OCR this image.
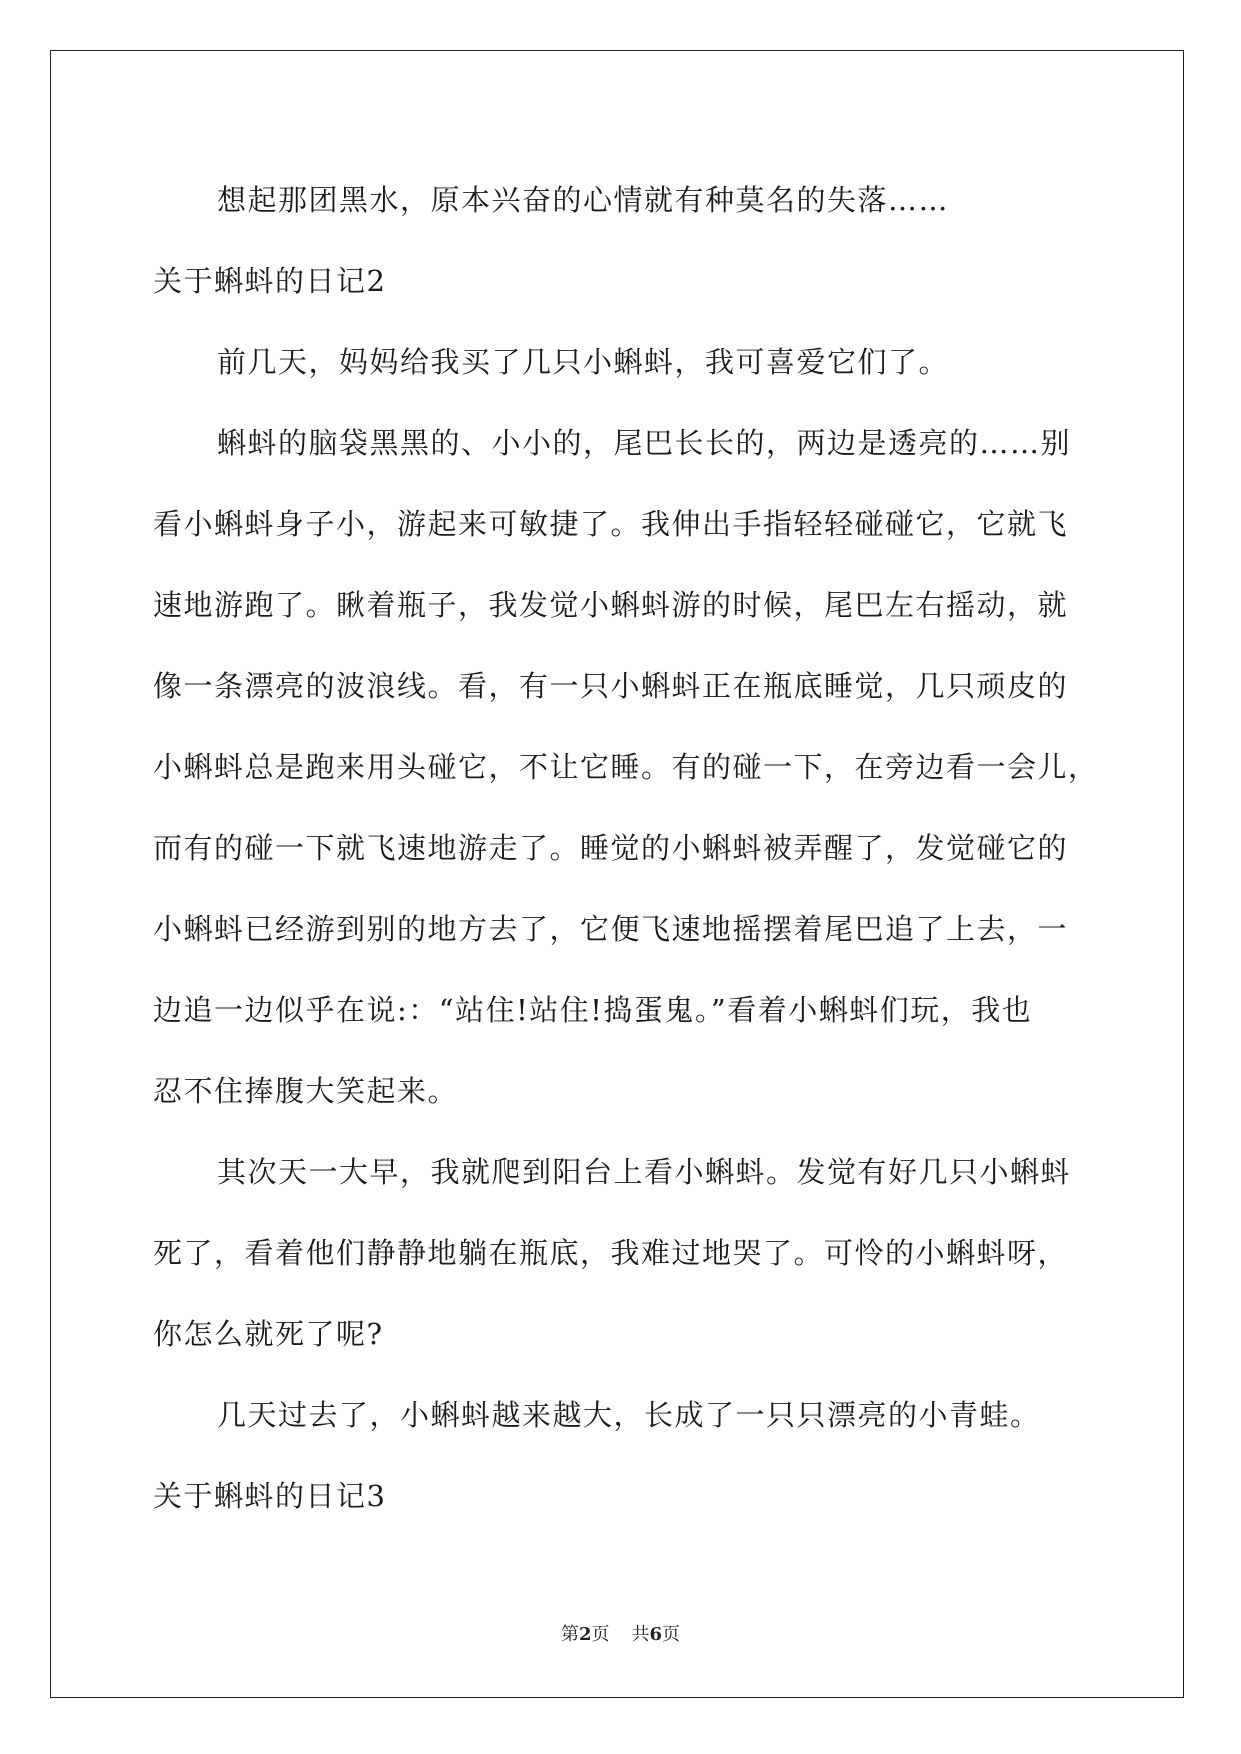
想起那团黑水，原本兴奋的心情就有种莫名的失落……

关于蝌蚪的日记2

前几天，妈妈给我买了几只小蝌蚪，我可喜爱它们了。

蝌蚪的脑袋黑黑的、小小的，尾巴长长的，两边是透亮的……别

看小蝌蚪身子小，游起来可敏捷了。我伸出手指轻轻碰碰它，它就飞

速地游跑了。瞅着瓶子，我发觉小蝌蚪游的时候，尾巴左右摇动，就

像一条漂亮的波浪线。看，有一只小蝌蚪正在瓶底睡觉，几只顽皮的

小蝌蚪总是跑来用头碰它，不让它睡。有的碰一下，在旁边看一会儿，

而有的碰一下就飞速地游走了。睡觉的小蝌蚪被弄醒了，发觉碰它的

小蝌蚪已经游到别的地方去了，它便飞速地摇摆着尾巴追了上去，一

边追一边似乎在说:：“站住!站住!捣蛋鬼。”看着小蝌蚪们玩，我也

忍不住捧腹大笑起来。

其次天一大早，我就爬到阳台上看小蝌蚪。发觉有好几只小蝌蚪

死了，看着他们静静地躺在瓶底，我难过地哭了。可怜的小蝌蚪呀，

你怎么就死了呢?

几天过去了，小蝌蚪越来越大，长成了一只只漂亮的小青蛙。

关于蝌蚪的日记3

第2页 共6页
